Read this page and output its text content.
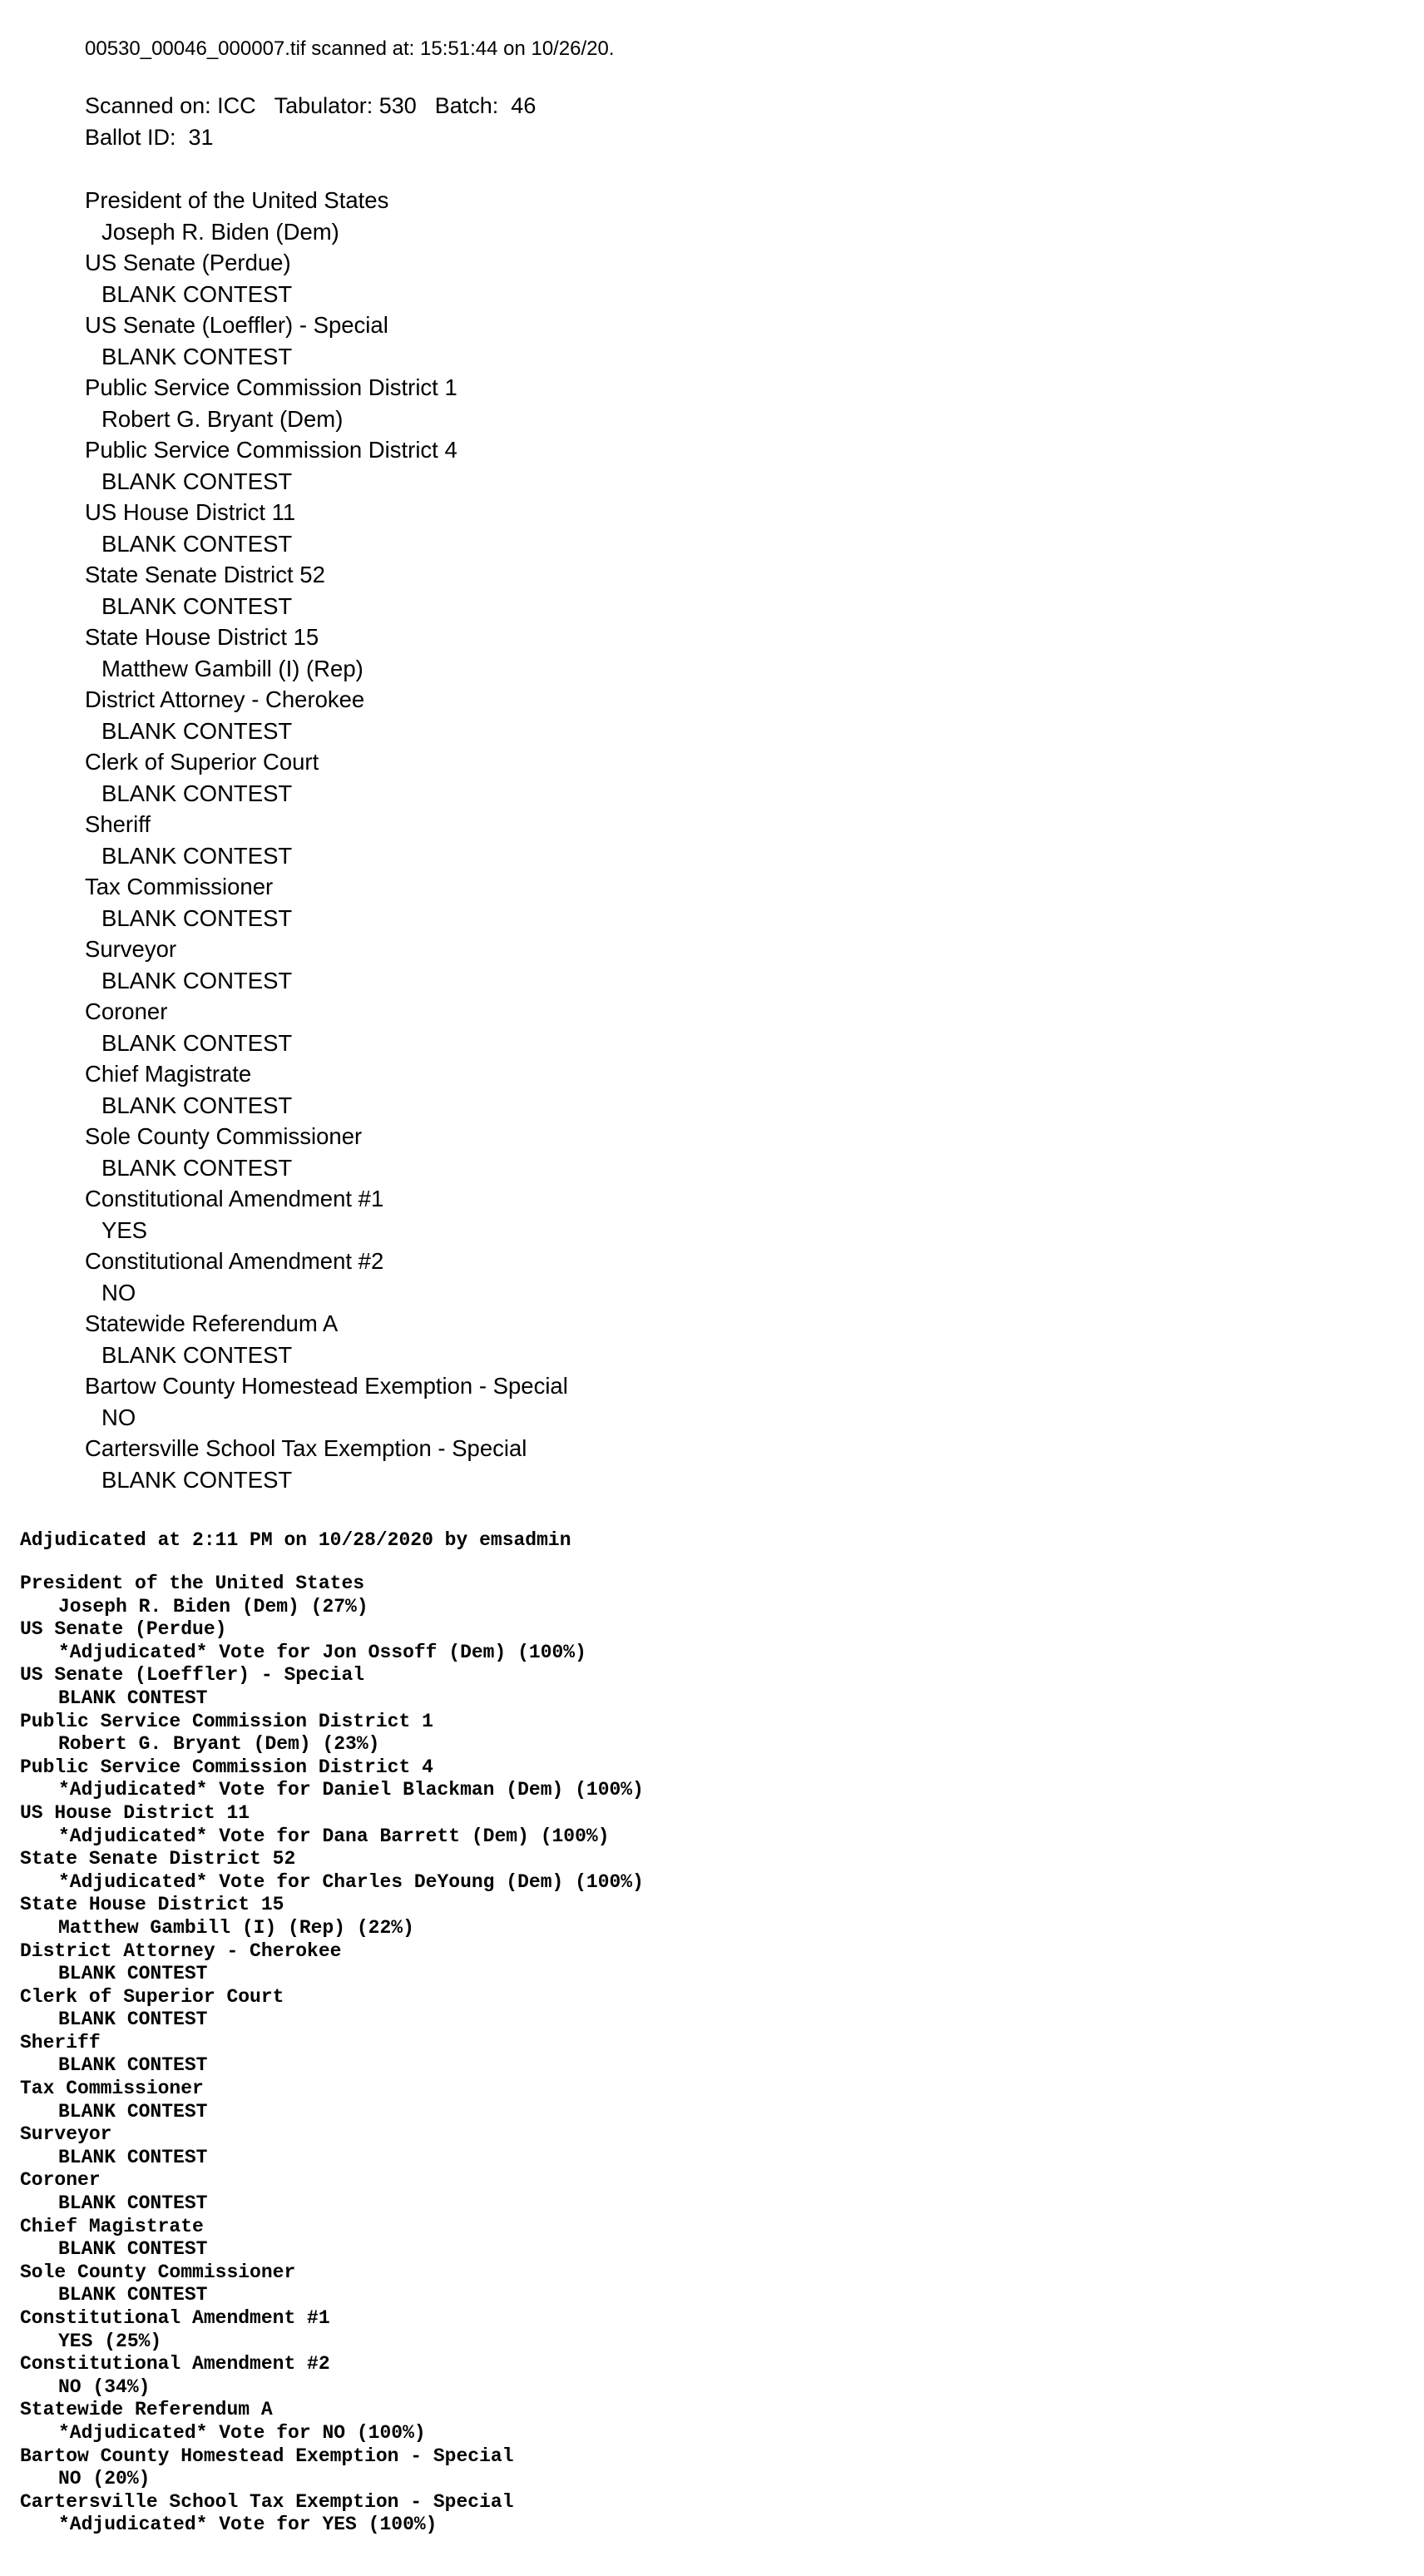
00530_00046_000007.tif scanned at: 15:51:44 on 10/26/20.
Scanned on: ICC Tabulator: 530 Batch:  46
Ballot ID:  31
President of the United States
Joseph R. Biden (Dem)
US Senate (Perdue)
BLANK CONTEST
US Senate (Loeffler) - Special
BLANK CONTEST
Public Service Commission District 1
Robert G. Bryant (Dem)
Public Service Commission District 4
BLANK CONTEST
US House District 11
BLANK CONTEST
State Senate District 52
BLANK CONTEST
State House District 15
Matthew Gambill (I) (Rep)
District Attorney - Cherokee
BLANK CONTEST
Clerk of Superior Court
BLANK CONTEST
Sheriff
BLANK CONTEST
Tax Commissioner
BLANK CONTEST
Surveyor
BLANK CONTEST
Coroner
BLANK CONTEST
Chief Magistrate
BLANK CONTEST
Sole County Commissioner
BLANK CONTEST
Constitutional Amendment #1
YES
Constitutional Amendment #2
NO
Statewide Referendum A
BLANK CONTEST
Bartow County Homestead Exemption - Special
NO
Cartersville School Tax Exemption - Special
BLANK CONTEST
Adjudicated at 2:11 PM on 10/28/2020 by emsadmin
President of the United States
Joseph R. Biden (Dem) (27%)
US Senate (Perdue)
*Adjudicated* Vote for Jon Ossoff (Dem) (100%)
US Senate (Loeffler) - Special
BLANK CONTEST
Public Service Commission District 1
Robert G. Bryant (Dem) (23%)
Public Service Commission District 4
*Adjudicated* Vote for Daniel Blackman (Dem) (100%)
US House District 11
*Adjudicated* Vote for Dana Barrett (Dem) (100%)
State Senate District 52
*Adjudicated* Vote for Charles DeYoung (Dem) (100%)
State House District 15
Matthew Gambill (I) (Rep) (22%)
District Attorney - Cherokee
BLANK CONTEST
Clerk of Superior Court
BLANK CONTEST
Sheriff
BLANK CONTEST
Tax Commissioner
BLANK CONTEST
Surveyor
BLANK CONTEST
Coroner
BLANK CONTEST
Chief Magistrate
BLANK CONTEST
Sole County Commissioner
BLANK CONTEST
Constitutional Amendment #1
YES (25%)
Constitutional Amendment #2
NO (34%)
Statewide Referendum A
*Adjudicated* Vote for NO (100%)
Bartow County Homestead Exemption - Special
NO (20%)
Cartersville School Tax Exemption - Special
*Adjudicated* Vote for YES (100%)
